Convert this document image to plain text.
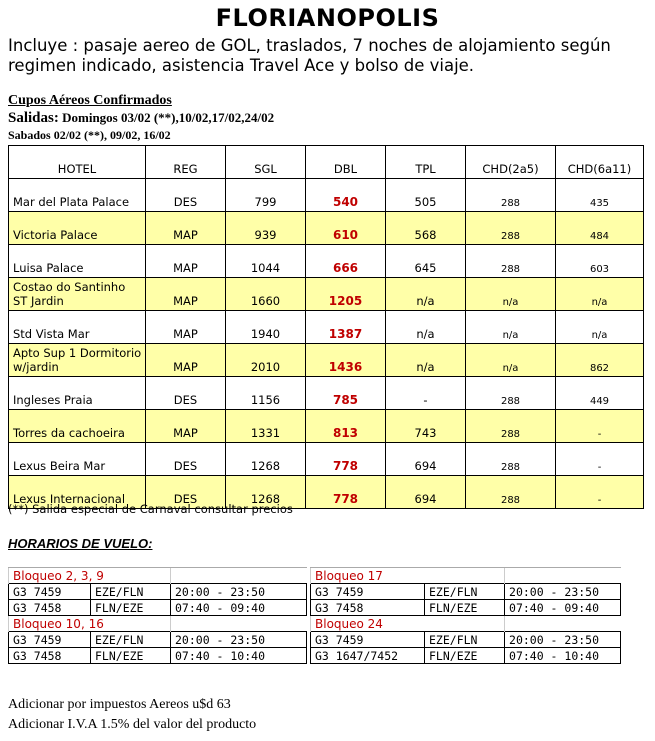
FLORIANOPOLIS
Incluye : pasaje aereo de GOL, traslados, 7 noches de alojamiento según regimen indicado, asistencia Travel Ace y bolso de viaje.
Cupos Aéreos Confirmados
Salidas: Domingos 03/02 (**),10/02,17/02,24/02
Sabados 02/02 (**), 09/02, 16/02
HOTEL	REG	SGL	DBL	TPL	CHD(2a5)	CHD(6a11)
Mar del Plata Palace	DES	799	540	505	288	435
Victoria Palace	MAP	939	610	568	288	484
Luisa Palace	MAP	1044	666	645	288	603
Costao do Santinho ST Jardin	MAP	1660	1205	n/a	n/a	n/a
Std Vista Mar	MAP	1940	1387	n/a	n/a	n/a
Apto Sup 1 Dormitorio w/jardin	MAP	2010	1436	n/a	n/a	862
Ingleses Praia	DES	1156	785	-	288	449
Torres da cachoeira	MAP	1331	813	743	288	-
Lexus Beira Mar	DES	1268	778	694	288	-
Lexus Internacional	DES	1268	778	694	288	-
(**) Salida especial de Carnaval consultar precios
HORARIOS DE VUELO:
Bloqueo 2, 3, 9		
G3 7459	EZE/FLN	20:00 - 23:50
G3 7458	FLN/EZE	07:40 - 09:40
Bloqueo 10, 16		
G3 7459	EZE/FLN	20:00 - 23:50
G3 7458	FLN/EZE	07:40 - 10:40
Bloqueo 17		
G3 7459	EZE/FLN	20:00 - 23:50
G3 7458	FLN/EZE	07:40 - 09:40
Bloqueo 24		
G3 7459	EZE/FLN	20:00 - 23:50
G3 1647/7452	FLN/EZE	07:40 - 10:40
Adicionar por impuestos Aereos u$d 63
Adicionar I.V.A 1.5% del valor del producto
